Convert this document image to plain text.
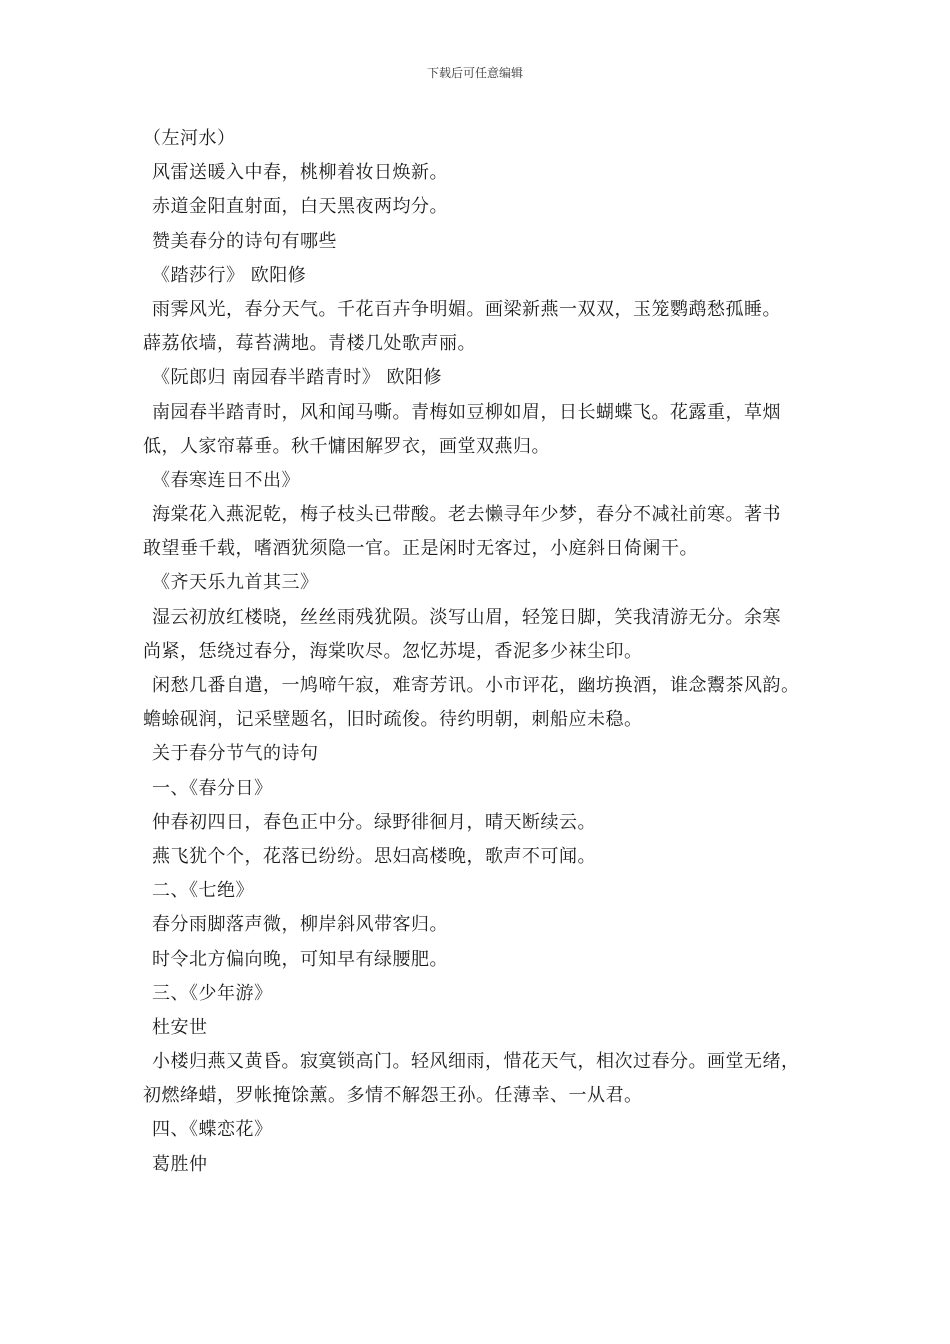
下载后可任意编辑
（左河水）
风雷送暖入中春，桃柳着妆日焕新。
赤道金阳直射面，白天黑夜两均分。
赞美春分的诗句有哪些
《踏莎行》 欧阳修
雨霁风光，春分天气。千花百卉争明媚。画梁新燕一双双，玉笼鹦鹉愁孤睡。
薜荔依墙，莓苔满地。青楼几处歌声丽。
《阮郎归 南园春半踏青时》 欧阳修
南园春半踏青时，风和闻马嘶。青梅如豆柳如眉，日长蝴蝶飞。花露重，草烟
低，人家帘幕垂。秋千慵困解罗衣，画堂双燕归。
《春寒连日不出》
海棠花入燕泥乾，梅子枝头已带酸。老去懒寻年少梦，春分不减社前寒。著书
敢望垂千载，嗜酒犹须隐一官。正是闲时无客过，小庭斜日倚阑干。
《齐天乐九首其三》
湿云初放红楼晓，丝丝雨残犹陨。淡写山眉，轻笼日脚，笑我清游无分。余寒
尚紧，恁绕过春分，海棠吹尽。忽忆苏堤，香泥多少袜尘印。
闲愁几番自遣，一鸠啼午寂，难寄芳讯。小市评花，幽坊换酒，谁念鬻茶风韵。
蟾蜍砚润，记采壁题名，旧时疏俊。待约明朝，刺船应未稳。
关于春分节气的诗句
一、《春分日》
仲春初四日，春色正中分。绿野徘徊月，晴天断续云。
燕飞犹个个，花落已纷纷。思妇高楼晚，歌声不可闻。
二、《七绝》
春分雨脚落声微，柳岸斜风带客归。
时令北方偏向晚，可知早有绿腰肥。
三、《少年游》
杜安世
小楼归燕又黄昏。寂寞锁高门。轻风细雨，惜花天气，相次过春分。画堂无绪，
初燃绛蜡，罗帐掩馀薰。多情不解怨王孙。任薄幸、一从君。
四、《蝶恋花》
葛胜仲
